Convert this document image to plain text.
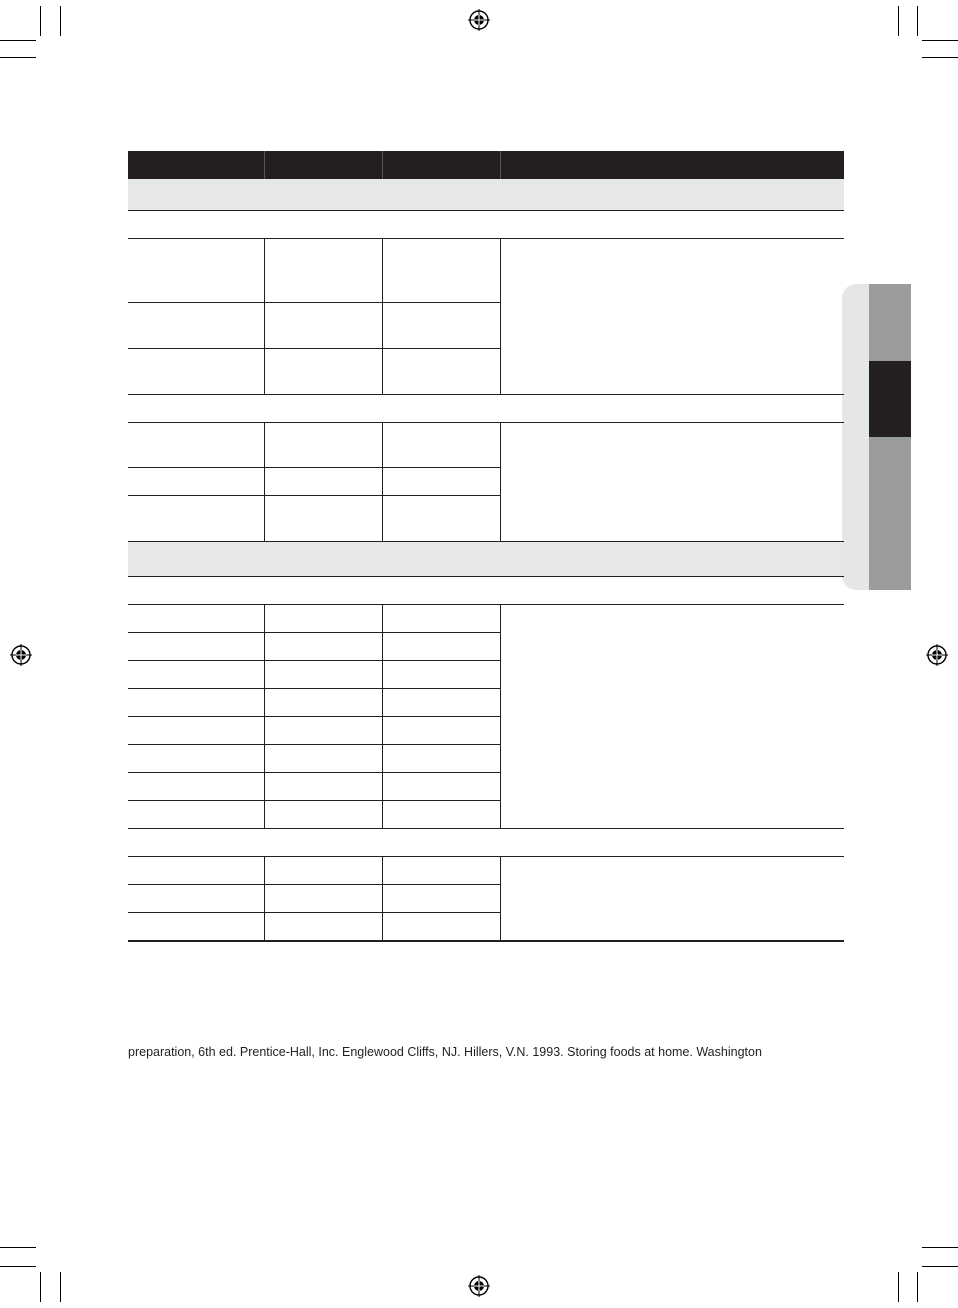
preparation, 6th ed. Prentice-Hall, Inc. Englewood Cliffs, NJ. Hillers, V.N. 1993. Storing foods at home. Washington
